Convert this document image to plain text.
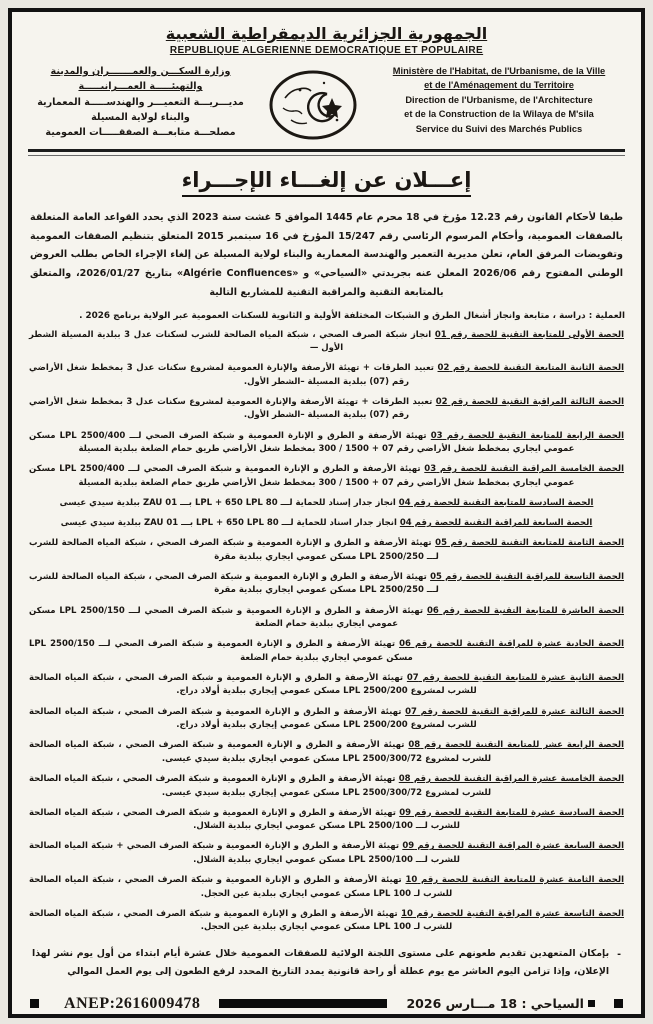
الجمهورية الجزائرية الديمقراطية الشعبية
REPUBLIQUE ALGERIENNE DEMOCRATIQUE ET POPULAIRE
Ministère de l'Habitat, de l'Urbanisme, de la Ville
et de l'Aménagement du Territoire
Direction de l'Urbanisme, de l'Architecture
et de la Construction de la Wilaya de M'sila
Service du Suivi des Marchés Publics
وزارة السكـــن والعمـــــــران والمدينة
والتهيئـــــة العمـــرانيـــــة
مديـــريـــة التعميـــر والهندســـــة المعمارية
والبناء لولاية المسيلة
مصلحـــة متابعـــة الصفقـــــات العمومية
إعـــلان عن إلغـــاء الإجـــراء

طبقا لأحكام القانون رقم 12.23 مؤرخ في 18 محرم عام 1445 الموافق 5 غشت سنة 2023 الذي يحدد القواعد العامة المتعلقة بالصفقات العمومية، وأحكام المرسوم الرئاسي رقم 15/247 المؤرخ في 16 سبتمبر 2015 المتعلق بتنظيم الصفقات العمومية وتفويضات المرفق العام، تعلن مديرية التعمير والهندسة المعمارية والبناء لولاية المسيلة عن إلغاء الإجراء الخاص بطلب العروض الوطني المفتوح رقم 2026/06 المعلن عنه بجريدتي «السياحي» و «Algérie Confluences» بتاريخ 2026/01/27، والمتعلق بالمتابعة التقنية والمراقبة التقنية للمشاريع التالية

العملية : دراسة ، متابعة وانجاز أشغال الطرق و الشبكات المختلفة الأولية و الثانوية للسكنات العمومية عبر الولاية برنامج 2026 .

الحصة الأولى للمتابعة التقنية للحصة رقم 01 انجاز شبكة الصرف الصحي ، شبكة المياه الصالحة للشرب لسكنات عدل 3 ببلدية المسيلة الشطر الأول —

الحصة الثانية المتابعة التقنية للحصة رقم 02 تعبيد الطرقات + تهيئة الأرصفة والإنارة العمومية لمشروع سكنات عدل 3 بمخطط شغل الأراضي رقم (07) ببلدية المسيلة –الشطر الأول.

الحصة الثالثة المراقبة التقنية للحصة رقم 02 تعبيد الطرقات + تهيئة الأرصفة والإنارة العمومية لمشروع سكنات عدل 3 بمخطط شغل الأراضي رقم (07) ببلدية المسيلة –الشطر الأول.

الحصة الرابعة للمتابعة التقنية للحصة رقم 03 تهيئة الأرصفة و الطرق و الإنارة العمومية و شبكة الصرف الصحي لـــ LPL 2500/400 مسكن عمومي ايجاري بمخطط شغل الأراضي رقم 07 + 1500 / 300 بمخطط شغل الأراضي طريق حمام الضلعة ببلدية المسيلة

الحصة الخامسة المراقبة التقنية للحصة رقم 03 تهيئة الأرصفة و الطرق و الإنارة العمومية و شبكة الصرف الصحي لـــ LPL 2500/400 مسكن عمومي ايجاري بمخطط شغل الأراضي رقم 07 + 1500 / 300 بمخطط شغل الأراضي طريق حمام الضلعة ببلدية المسيلة

الحصة السادسة للمتابعة التقنية للحصة رقم 04 انجاز جدار إسناد للحماية لـــ 80 LPL + 650 LPL بـــ ZAU 01 ببلدية سيدي عيسى

الحصة السابعة للمراقبة التقنية للحصة رقم 04 انجاز جدار اسناد للحماية لـــ 80 LPL + 650 LPL بـــ ZAU 01 ببلدية سيدي عيسى

الحصة الثامنة للمتابعة التقنية للحصة رقم 05 تهيئة الأرصفة و الطرق و الإنارة العمومية و شبكة الصرف الصحي ، شبكة المياه الصالحة للشرب لـــ LPL 2500/250 مسكن عمومي ايجاري ببلدية مقرة

الحصة التاسعة للمراقبة التقنية للحصة رقم 05 تهيئة الأرصفة و الطرق و الإنارة العمومية و شبكة الصرف الصحي ، شبكة المياه الصالحة للشرب لـــ LPL 2500/250 مسكن عمومي ايجاري ببلدية مقرة

الحصة العاشرة للمتابعة التقنية للحصة رقم 06 تهيئة الأرصفة و الطرق و الإنارة العمومية و شبكة الصرف الصحي لـــ LPL 2500/150 مسكن عمومي ايجاري ببلدية حمام الضلعة

الحصة الحادية عشرة للمراقبة التقنية للحصة رقم 06 تهيئة الأرصفة و الطرق و الإنارة العمومية و شبكة الصرف الصحي لـــ LPL 2500/150 مسكن عمومي ايجاري ببلدية حمام الضلعة

الحصة الثانية عشرة للمتابعة التقنية للحصة رقم 07 تهيئة الأرصفة و الطرق و الإنارة العمومية و شبكة الصرف الصحي ، شبكة المياه الصالحة للشرب لمشروع LPL 2500/200 مسكن عمومي إيجاري ببلدية أولاد دراج.

الحصة الثالثة عشرة للمراقبة التقنية للحصة رقم 07 تهيئة الأرصفة و الطرق و الإنارة العمومية و شبكة الصرف الصحي ، شبكة المياه الصالحة للشرب لمشروع LPL 2500/200 مسكن عمومي إيجاري ببلدية أولاد دراج.

الحصة الرابعة عشر للمتابعة التقنية للحصة رقم 08 تهيئة الأرصفة و الطرق و الإنارة العمومية و شبكة الصرف الصحي ، شبكة المياه الصالحة للشرب لمشروع LPL 2500/300/72 مسكن عمومي ايجاري ببلدية سيدي عيسى.

الحصة الخامسة عشرة المراقبة التقنية للحصة رقم 08 تهيئة الأرصفة و الطرق و الإنارة العمومية و شبكة الصرف الصحي ، شبكة المياه الصالحة للشرب لمشروع LPL 2500/300/72 مسكن عمومي إيجاري ببلدية سيدي عيسى.

الحصة السادسة عشرة للمتابعة التقنية للحصة رقم 09 تهيئة الأرصفة و الطرق و الإنارة العمومية و شبكة الصرف الصحي ، شبكة المياه الصالحة للشرب لـــ LPL 2500/100 مسكن عمومي ايجاري ببلدية الشلال.

الحصة السابعة عشرة المراقبة التقنية للحصة رقم 09 تهيئة الأرصفة و الطرق و الإنارة العمومية و شبكة الصرف الصحي + شبكة المياه الصالحة للشرب لـــ LPL 2500/100 مسكن عمومي ايجاري ببلدية الشلال.

الحصة الثامنة عشرة للمتابعة التقنية للحصة رقم 10 تهيئة الأرصفة و الطرق و الإنارة العمومية و شبكة الصرف الصحي ، شبكة المياه الصالحة للشرب لـ LPL 100 مسكن عمومي ايجاري ببلدية عين الحجل.

الحصة التاسعة عشرة المراقبة التقنية للحصة رقم 10 تهيئة الأرصفة و الطرق و الإنارة العمومية و شبكة الصرف الصحي ، شبكة المياه الصالحة للشرب لـ LPL 100 مسكن عمومي ايجاري ببلدية عين الحجل.

-
بإمكان المتعهدين تقديم طعونهم على مستوى اللجنة الولائية للصفقات العمومية خلال عشرة أيام ابتداء من أول يوم نشر لهذا الإعلان، وإذا تزامن اليوم العاشر مع يوم عطلة أو راحة قانونية يمدد التاريخ المحدد لرفع الطعون إلى يوم العمل الموالي
ANEP:2616009478	السياحي : 18 مـــارس 2026
